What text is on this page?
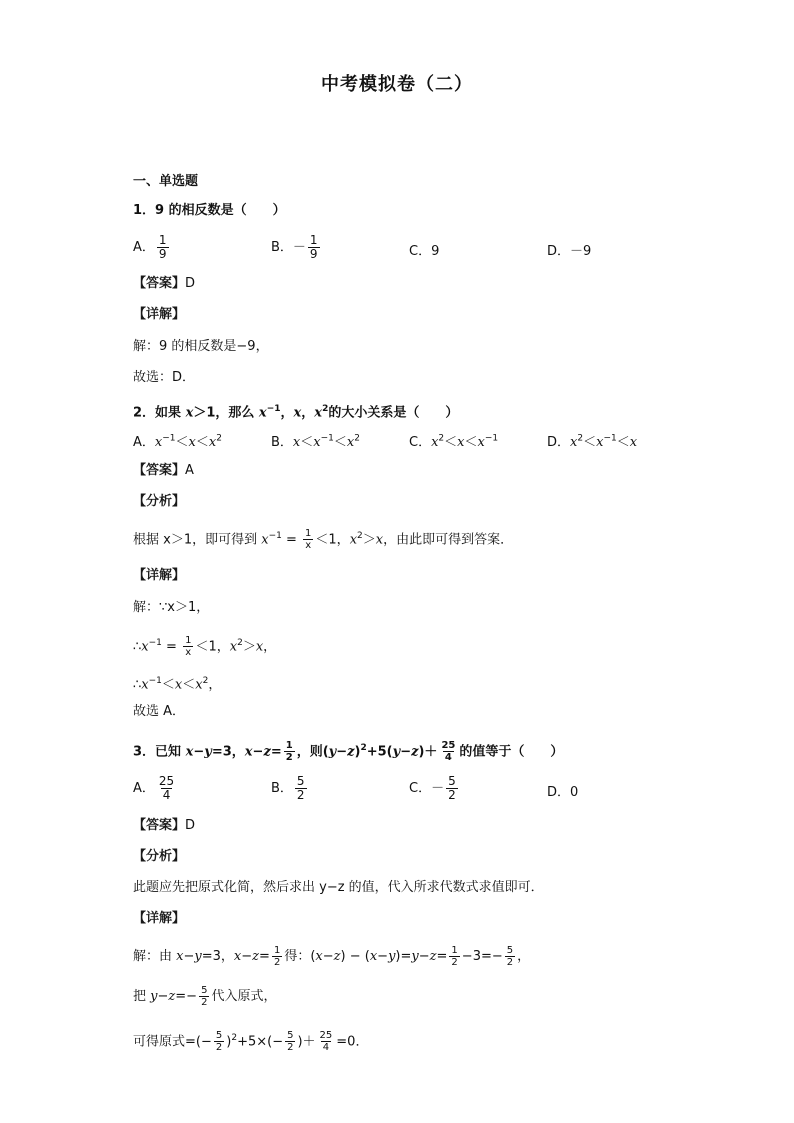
中考模拟卷（二）
一、单选题
1．9 的相反数是（　　）
A． $\frac{1}{9}$	B．－ $\frac{1}{9}$	C．9	D．－9
【答案】D
【详解】
解：9 的相反数是−9，
故选：D．
2．如果 x＞1，那么 $x^{-1}$，x，$x^2$的大小关系是（　　）
A．$x^{-1}<x<x^2$	B．$x<x^{-1}<x^2$	C．$x^2<x<x^{-1}$	D．$x^2<x^{-1}<x$
【答案】A
【分析】
根据 x＞1，即可得到 $x^{-1} = \frac{1}{x} <1$，$x^2>x$，由此即可得到答案．
【详解】
解：∵x＞1，
$\therefore x^{-1} = \frac{1}{x} <1$，$x^2>x$，
$\therefore x^{-1}<x<x^2$，
故选 A．
3．已知 x−y=3，$x-z= \frac{1}{2}$ ，则$(y-z)^2+5(y-z)+ \frac{25}{4}$ 的值等于（　　）
A． $\frac{25}{4}$	B． $\frac{5}{2}$	C．－ $\frac{5}{2}$	D．0
【答案】D
【分析】
此题应先把原式化简，然后求出 y−z 的值，代入所求代数式求值即可．
【详解】
解：由 x−y=3，$x-z= \frac{1}{2}$ 得：$(x-z) - (x-y)=y-z= \frac{1}{2} -3=- \frac{5}{2}$ ，
把 $y-z=- \frac{5}{2}$ 代入原式，
可得原式=(− $\frac{5}{2} )^2+5\times(- \frac{5}{2}$ )＋ $\frac{25}{4} =0$．
